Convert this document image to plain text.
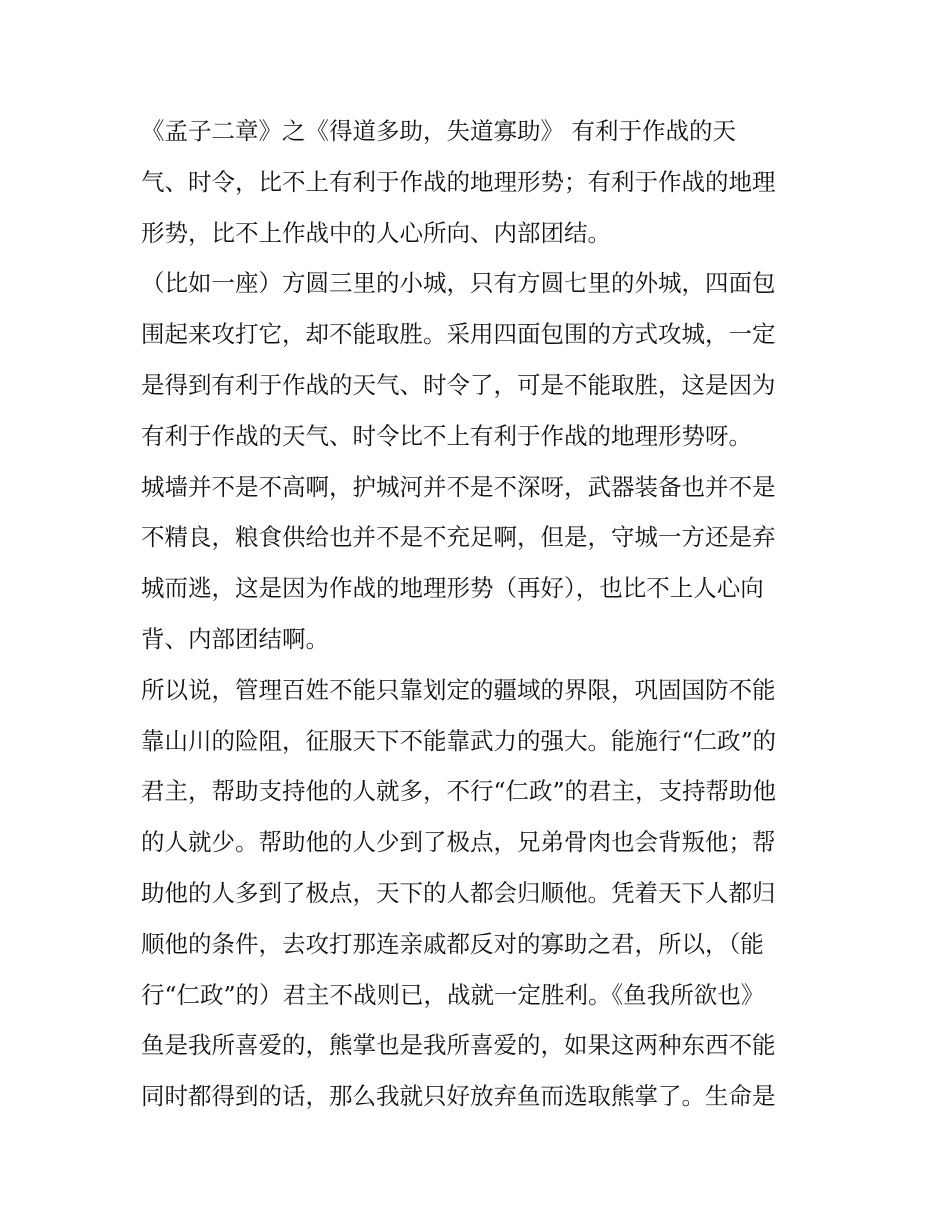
《孟子二章》之《得道多助，失道寡助》 有利于作战的天
气、时令，比不上有利于作战的地理形势；有利于作战的地理
形势，比不上作战中的人心所向、内部团结。
（比如一座）方圆三里的小城，只有方圆七里的外城，四面包
围起来攻打它，却不能取胜。采用四面包围的方式攻城，一定
是得到有利于作战的天气、时令了，可是不能取胜，这是因为
有利于作战的天气、时令比不上有利于作战的地理形势呀。
城墙并不是不高啊，护城河并不是不深呀，武器装备也并不是
不精良，粮食供给也并不是不充足啊，但是，守城一方还是弃
城而逃，这是因为作战的地理形势（再好），也比不上人心向
背、内部团结啊。
所以说，管理百姓不能只靠划定的疆域的界限，巩固国防不能
靠山川的险阻，征服天下不能靠武力的强大。能施行“仁政”的
君主，帮助支持他的人就多，不行“仁政”的君主，支持帮助他
的人就少。帮助他的人少到了极点，兄弟骨肉也会背叛他；帮
助他的人多到了极点，天下的人都会归顺他。凭着天下人都归
顺他的条件，去攻打那连亲戚都反对的寡助之君，所以，（能
行“仁政”的）君主不战则已，战就一定胜利。《鱼我所欲也》
鱼是我所喜爱的，熊掌也是我所喜爱的，如果这两种东西不能
同时都得到的话，那么我就只好放弃鱼而选取熊掌了。生命是
